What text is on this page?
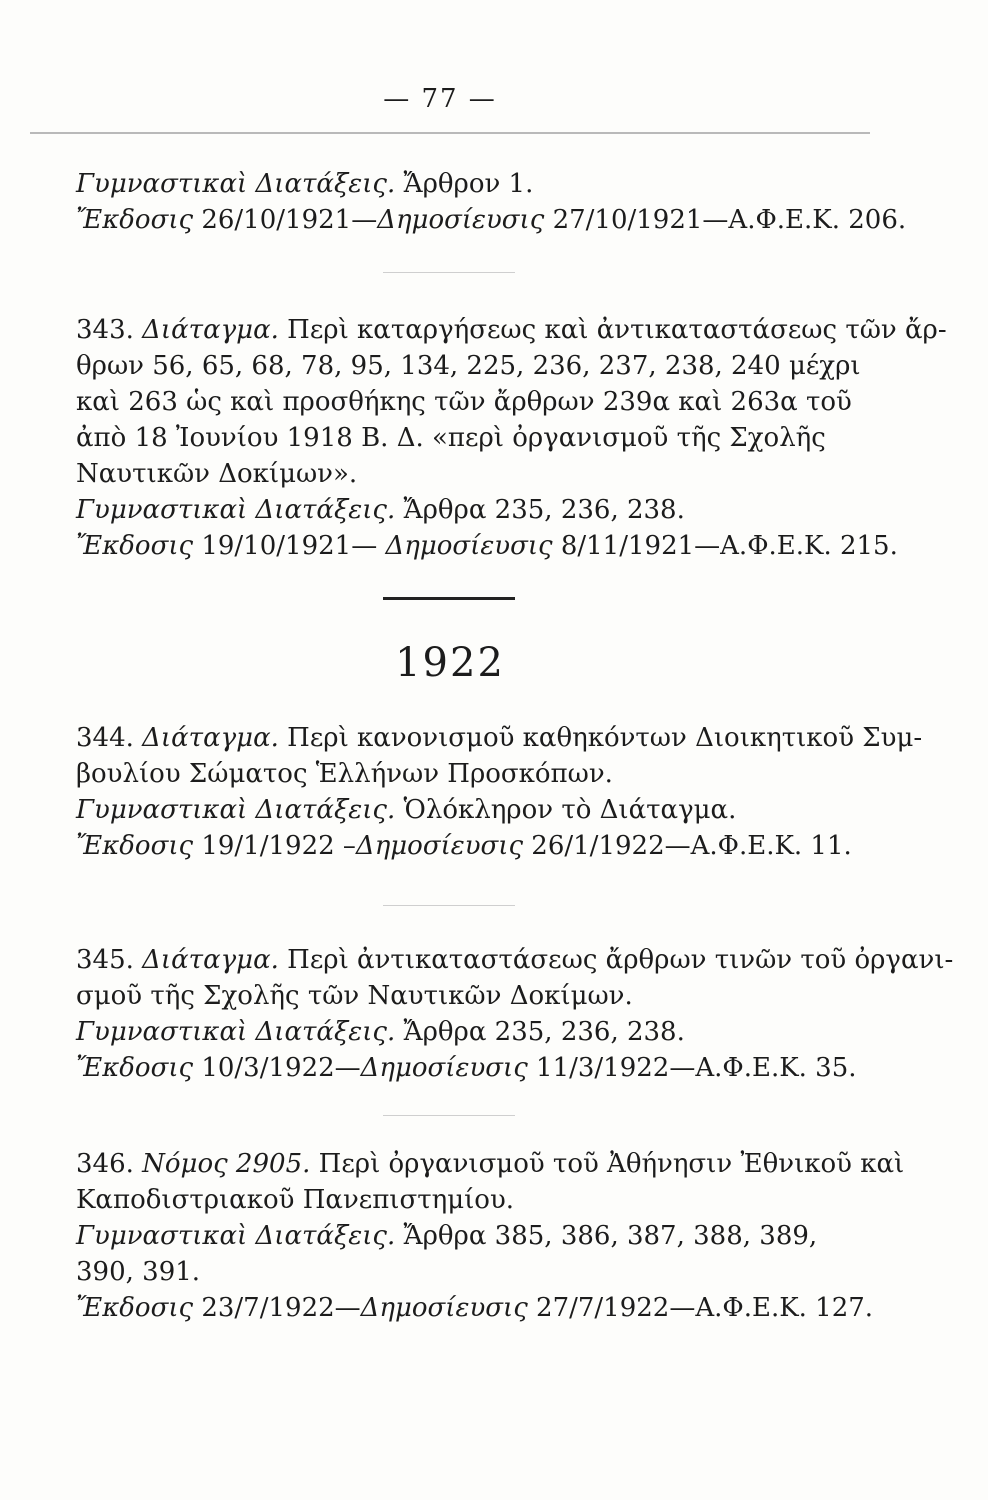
— 77 —
Γυμναστικαὶ Διατάξεις. Ἄρθρον 1.
Ἔκδοσις 26/10/1921—Δημοσίευσις 27/10/1921—Α.Φ.Ε.Κ. 206.
343. Διάταγμα. Περὶ καταργήσεως καὶ ἀντικαταστάσεως τῶν ἄρ-
θρων 56, 65, 68, 78, 95, 134, 225, 236, 237, 238, 240 μέχρι
καὶ 263 ὡς καὶ προσθήκης τῶν ἄρθρων 239α καὶ 263α τοῦ
ἀπὸ 18 Ἰουνίου 1918 Β. Δ. «περὶ ὀργανισμοῦ τῆς Σχολῆς
Ναυτικῶν Δοκίμων».
Γυμναστικαὶ Διατάξεις. Ἄρθρα 235, 236, 238.
Ἔκδοσις 19/10/1921— Δημοσίευσις 8/11/1921—Α.Φ.Ε.Κ. 215.
1922
344. Διάταγμα. Περὶ κανονισμοῦ καθηκόντων Διοικητικοῦ Συμ-
βουλίου Σώματος Ἑλλήνων Προσκόπων.
Γυμναστικαὶ Διατάξεις. Ὁλόκληρον τὸ Διάταγμα.
Ἔκδοσις 19/1/1922 –Δημοσίευσις 26/1/1922—Α.Φ.Ε.Κ. 11.
345. Διάταγμα. Περὶ ἀντικαταστάσεως ἄρθρων τινῶν τοῦ ὀργανι-
σμοῦ τῆς Σχολῆς τῶν Ναυτικῶν Δοκίμων.
Γυμναστικαὶ Διατάξεις. Ἄρθρα 235, 236, 238.
Ἔκδοσις 10/3/1922—Δημοσίευσις 11/3/1922—Α.Φ.Ε.Κ. 35.
346. Νόμος 2905. Περὶ ὀργανισμοῦ τοῦ Ἀθήνησιν Ἐθνικοῦ καὶ
Καποδιστριακοῦ Πανεπιστημίου.
Γυμναστικαὶ Διατάξεις. Ἄρθρα 385, 386, 387, 388, 389,
390, 391.
Ἔκδοσις 23/7/1922—Δημοσίευσις 27/7/1922—Α.Φ.Ε.Κ. 127.
